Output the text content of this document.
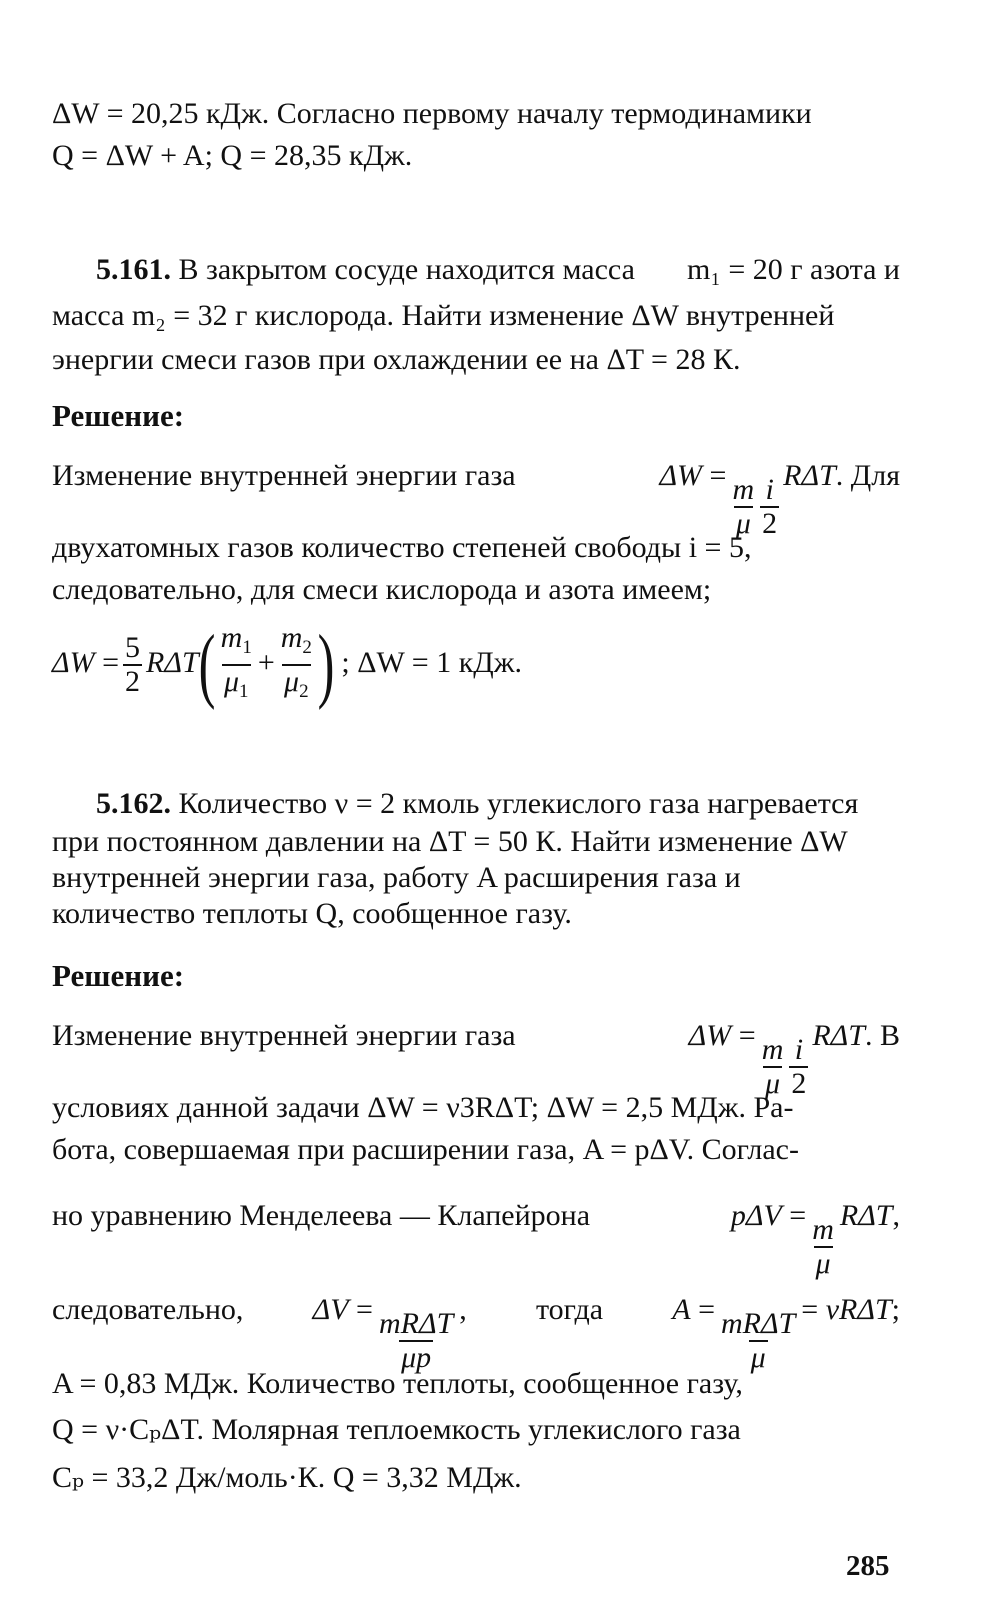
ΔW = 20,25 кДж. Согласно первому началу термодинамики
Q = ΔW + A; Q = 28,35 кДж.
5.161. В закрытом сосуде находится масса m₁ = 20 г азота и
масса m₂ = 32 г кислорода. Найти изменение ΔW внутренней
энергии смеси газов при охлаждении ее на ΔT = 28 К.
Решение:
Изменение внутренней энергии газа	$\Delta W = \frac{m}{\mu} \frac{i}{2} R\Delta T$. Для
двухатомных газов количество степеней свободы i = 5,
следовательно, для смеси кислорода и азота имеем;
$\Delta W = \frac{5}{2} R\Delta T( \frac{m_1}{\mu_1} + \frac{m_2}{\mu_2}$ ) ; ΔW = 1 кДж.
5.162. Количество ν = 2 кмоль углекислого газа нагревается
при постоянном давлении на ΔT = 50 К. Найти изменение ΔW
внутренней энергии газа, работу A расширения газа и
количество теплоты Q, сообщенное газу.
Решение:
Изменение внутренней энергии газа	$\Delta W = \frac{m}{\mu} \frac{i}{2} R\Delta T$. В
условиях данной задачи ΔW = ν3RΔT; ΔW = 2,5 МДж. Ра-
бота, совершаемая при расширении газа, A = pΔV. Соглас-
но уравнению Менделеева — Клапейрона	$p\Delta V = \frac{m}{\mu} R\Delta T$,
следовательно, $\Delta V = \frac{\text{mRΔT}}{\mu p}$ , тогда $A = \frac{\text{mRΔT}}{\mu} = \nu R\Delta T$;
A = 0,83 МДж. Количество теплоты, сообщенное газу,
Q = ν·CₚΔT. Молярная теплоемкость углекислого газа
Cₚ = 33,2 Дж/моль·К. Q = 3,32 МДж.
285
